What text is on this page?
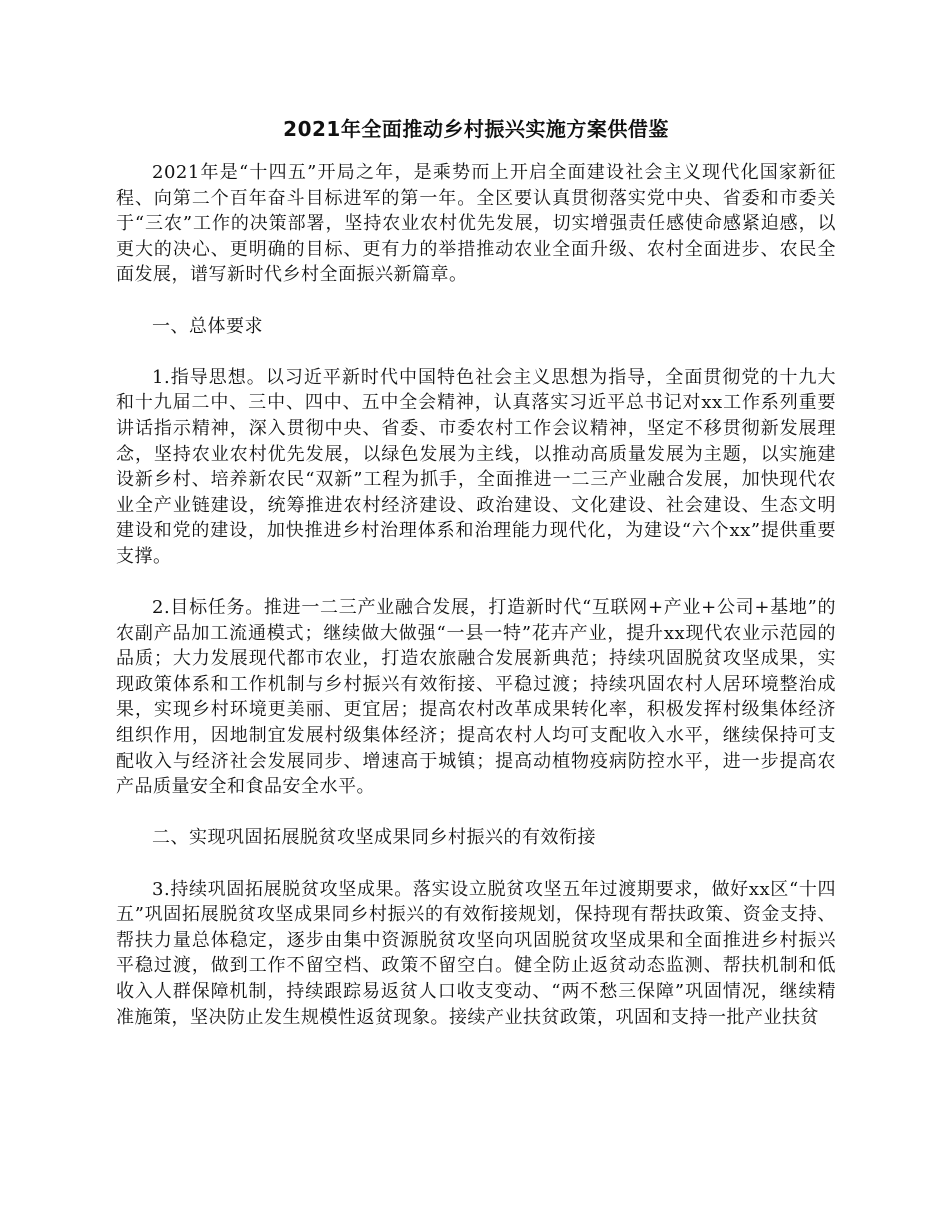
2021年全面推动乡村振兴实施方案供借鉴

2021年是“十四五”开局之年，是乘势而上开启全面建设社会主义现代化国家新征程、向第二个百年奋斗目标进军的第一年。全区要认真贯彻落实党中央、省委和市委关于“三农”工作的决策部署，坚持农业农村优先发展，切实增强责任感使命感紧迫感，以更大的决心、更明确的目标、更有力的举措推动农业全面升级、农村全面进步、农民全面发展，谱写新时代乡村全面振兴新篇章。

一、总体要求

1.指导思想。以习近平新时代中国特色社会主义思想为指导，全面贯彻党的十九大和十九届二中、三中、四中、五中全会精神，认真落实习近平总书记对xx工作系列重要讲话指示精神，深入贯彻中央、省委、市委农村工作会议精神，坚定不移贯彻新发展理念，坚持农业农村优先发展，以绿色发展为主线，以推动高质量发展为主题，以实施建设新乡村、培养新农民“双新”工程为抓手，全面推进一二三产业融合发展，加快现代农业全产业链建设，统筹推进农村经济建设、政治建设、文化建设、社会建设、生态文明建设和党的建设，加快推进乡村治理体系和治理能力现代化，为建设“六个xx”提供重要支撑。

2.目标任务。推进一二三产业融合发展，打造新时代“互联网+产业+公司+基地”的农副产品加工流通模式；继续做大做强“一县一特”花卉产业，提升xx现代农业示范园的品质；大力发展现代都市农业，打造农旅融合发展新典范；持续巩固脱贫攻坚成果，实现政策体系和工作机制与乡村振兴有效衔接、平稳过渡；持续巩固农村人居环境整治成果，实现乡村环境更美丽、更宜居；提高农村改革成果转化率，积极发挥村级集体经济组织作用，因地制宜发展村级集体经济；提高农村人均可支配收入水平，继续保持可支配收入与经济社会发展同步、增速高于城镇；提高动植物疫病防控水平，进一步提高农产品质量安全和食品安全水平。

二、实现巩固拓展脱贫攻坚成果同乡村振兴的有效衔接

3.持续巩固拓展脱贫攻坚成果。落实设立脱贫攻坚五年过渡期要求，做好xx区“十四五”巩固拓展脱贫攻坚成果同乡村振兴的有效衔接规划，保持现有帮扶政策、资金支持、帮扶力量总体稳定，逐步由集中资源脱贫攻坚向巩固脱贫攻坚成果和全面推进乡村振兴平稳过渡，做到工作不留空档、政策不留空白。健全防止返贫动态监测、帮扶机制和低收入人群保障机制，持续跟踪易返贫人口收支变动、“两不愁三保障”巩固情况，继续精准施策，坚决防止发生规模性返贫现象。接续产业扶贫政策，巩固和支持一批产业扶贫
